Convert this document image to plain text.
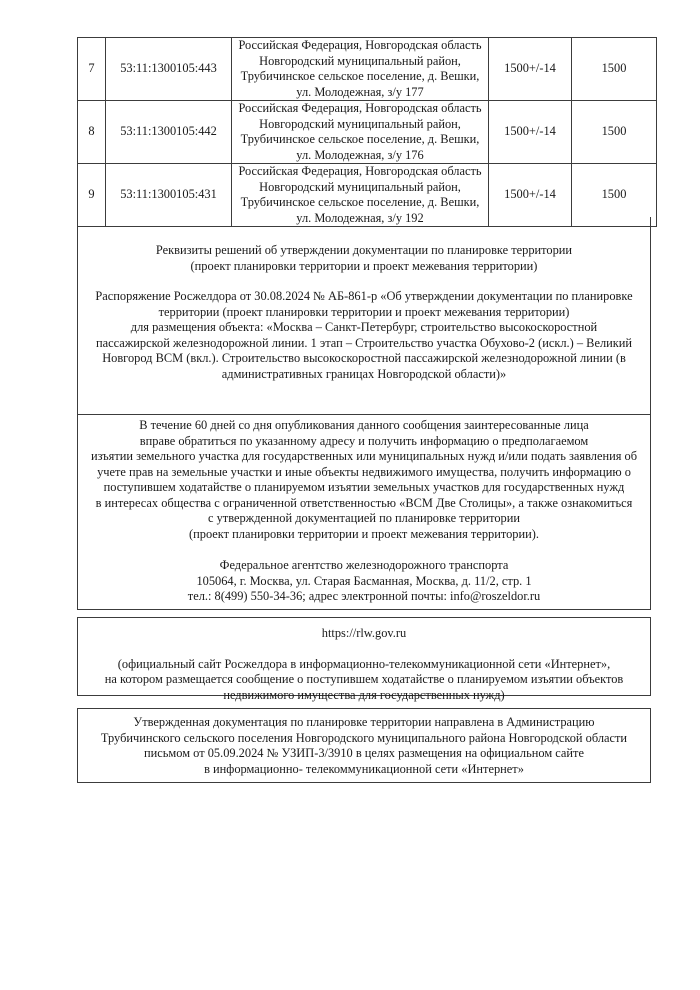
7	53:11:1300105:443	Российская Федерация, Новгородская область
Новгородский муниципальный район,
Трубичинское сельское поселение, д. Вешки,
ул. Молодежная, з/у 177	1500+/-14	1500
8	53:11:1300105:442	Российская Федерация, Новгородская область
Новгородский муниципальный район,
Трубичинское сельское поселение, д. Вешки,
ул. Молодежная, з/у 176	1500+/-14	1500
9	53:11:1300105:431	Российская Федерация, Новгородская область
Новгородский муниципальный район,
Трубичинское сельское поселение, д. Вешки,
ул. Молодежная, з/у 192	1500+/-14	1500

Реквизиты решений об утверждении документации по планировке территории
(проект планировки территории и проект межевания территории)

Распоряжение Росжелдора от 30.08.2024 № АБ-861-р «Об утверждении документации по планировке
территории (проект планировки территории и проект межевания территории)
для размещения объекта: «Москва – Санкт-Петербург, строительство высокоскоростной
пассажирской железнодорожной линии. 1 этап – Строительство участка Обухово-2 (искл.) – Великий
Новгород ВСМ (вкл.). Строительство высокоскоростной пассажирской железнодорожной линии (в
административных границах Новгородской области)»

В течение 60 дней со дня опубликования данного сообщения заинтересованные лица
вправе обратиться по указанному адресу и получить информацию о предполагаемом
изъятии земельного участка для государственных или муниципальных нужд и/или подать заявления об
учете прав на земельные участки и иные объекты недвижимого имущества, получить информацию о
поступившем ходатайстве о планируемом изъятии земельных участков для государственных нужд
в интересах общества с ограниченной ответственностью «ВСМ Две Столицы», а также ознакомиться
с утвержденной документацией по планировке территории
(проект планировки территории и проект межевания территории).

Федеральное агентство железнодорожного транспорта
105064, г. Москва, ул. Старая Басманная, Москва, д. 11/2, стр. 1
тел.: 8(499) 550-34-36; адрес электронной почты: info@roszeldor.ru

https://rlw.gov.ru

(официальный сайт Росжелдора в информационно-телекоммуникационной сети «Интернет»,
на котором размещается сообщение о поступившем ходатайстве о планируемом изъятии объектов
недвижимого имущества для государственных нужд)

Утвержденная документация по планировке территории направлена в Администрацию
Трубичинского сельского поселения Новгородского муниципального района Новгородской области
письмом от 05.09.2024 № УЗИП-3/3910 в целях размещения на официальном сайте
в информационно- телекоммуникационной сети «Интернет»
